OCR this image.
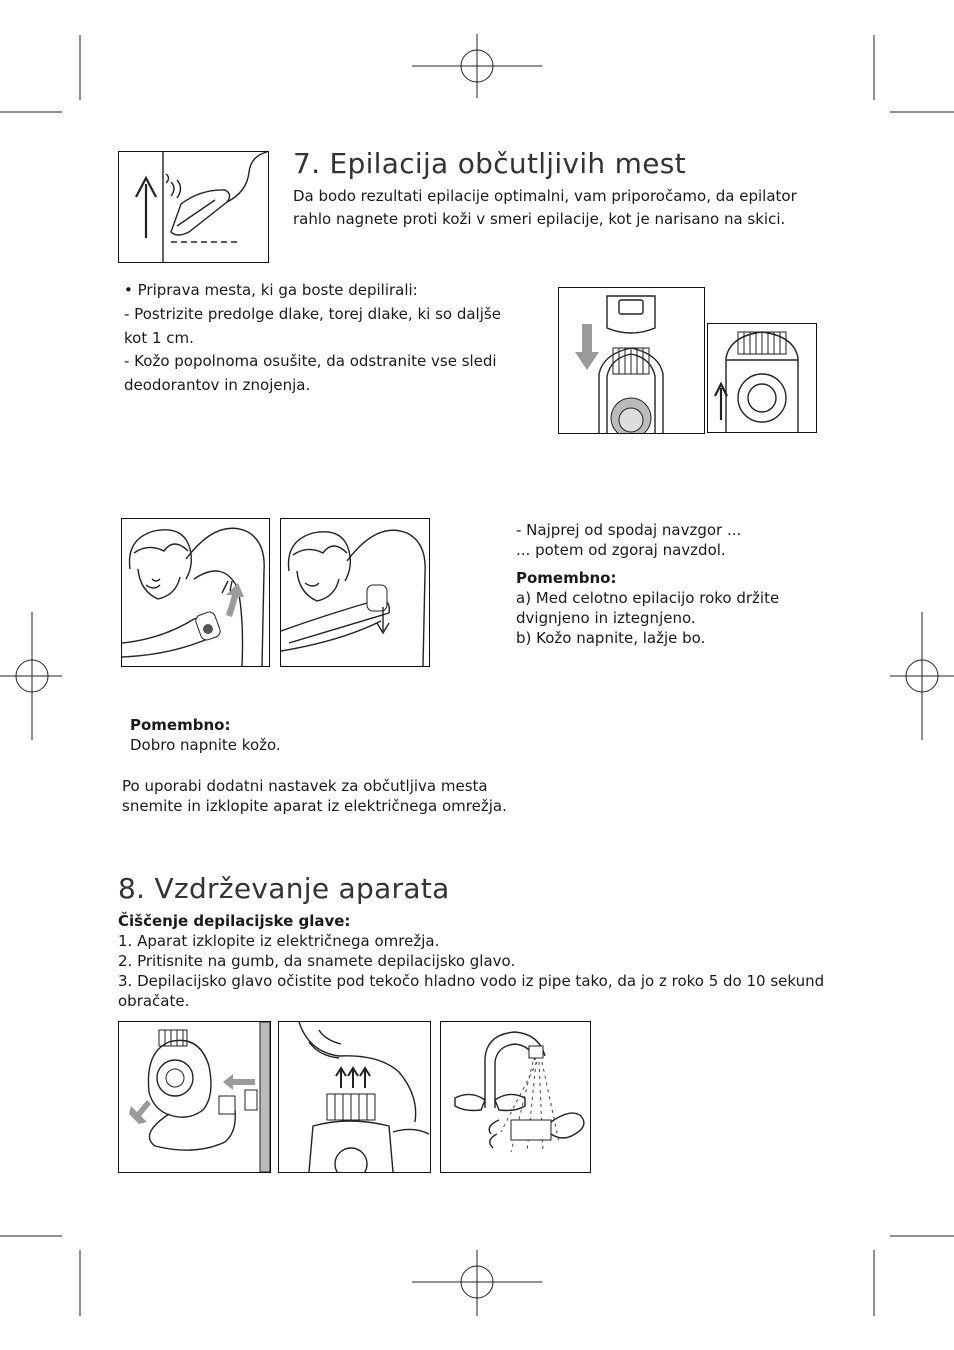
7. Epilacija občutljivih mest
Da bodo rezultati epilacije optimalni, vam priporočamo, da epilator
rahlo nagnete proti koži v smeri epilacije, kot je narisano na skici.
• Priprava mesta, ki ga boste depilirali:
- Postrizite predolge dlake, torej dlake, ki so daljše
kot 1 cm.
- Kožo popolnoma osušite, da odstranite vse sledi
deodorantov in znojenja.
- Najprej od spodaj navzgor ...
... potem od zgoraj navzdol.
Pomembno:
a) Med celotno epilacijo roko držite
dvignjeno in iztegnjeno.
b) Kožo napnite, lažje bo.
Pomembno:
Dobro napnite kožo.
Po uporabi dodatni nastavek za občutljiva mesta
snemite in izklopite aparat iz električnega omrežja.
8. Vzdrževanje aparata
Čiščenje depilacijske glave:
1. Aparat izklopite iz električnega omrežja.
2. Pritisnite na gumb, da snamete depilacijsko glavo.
3. Depilacijsko glavo očistite pod tekočo hladno vodo iz pipe tako, da jo z roko 5 do 10 sekund
obračate.
